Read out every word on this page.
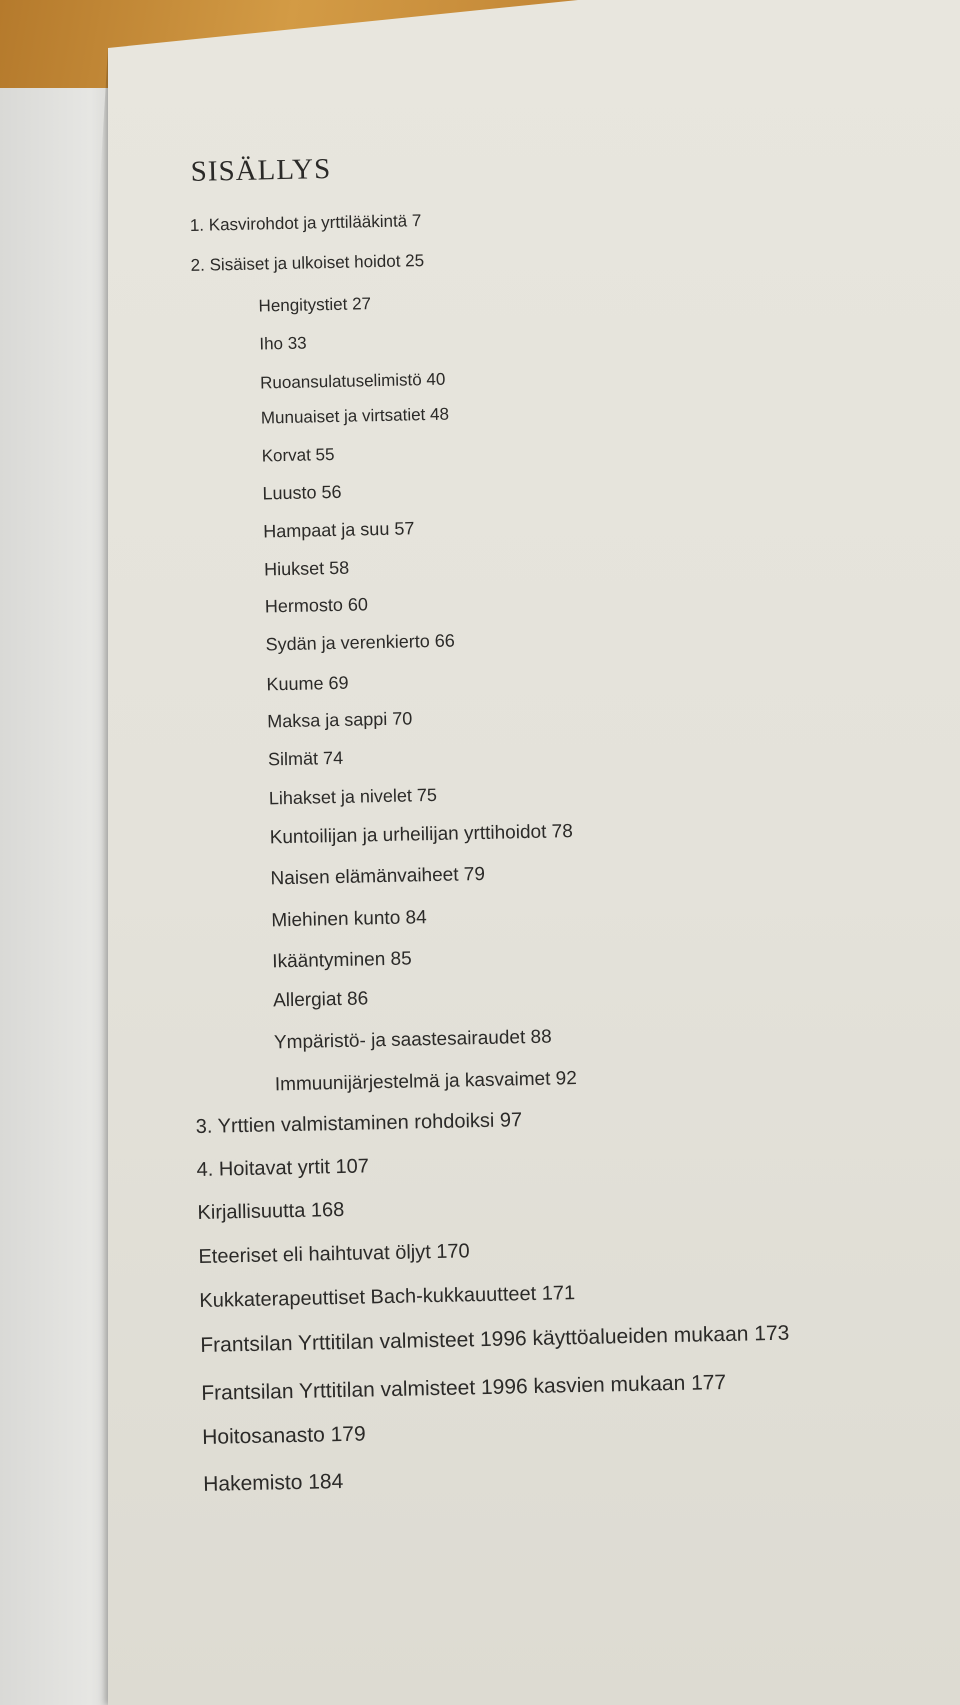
SISÄLLYS
1. Kasvirohdot ja yrttilääkintä 7
2. Sisäiset ja ulkoiset hoidot 25
Hengitystiet 27
Iho 33
Ruoansulatuselimistö 40
Munuaiset ja virtsatiet 48
Korvat 55
Luusto 56
Hampaat ja suu 57
Hiukset 58
Hermosto 60
Sydän ja verenkierto 66
Kuume 69
Maksa ja sappi 70
Silmät 74
Lihakset ja nivelet 75
Kuntoilijan ja urheilijan yrttihoidot 78
Naisen elämänvaiheet 79
Miehinen kunto 84
Ikääntyminen 85
Allergiat 86
Ympäristö- ja saastesairaudet 88
Immuunijärjestelmä ja kasvaimet 92
3. Yrttien valmistaminen rohdoiksi 97
4. Hoitavat yrtit 107
Kirjallisuutta 168
Eteeriset eli haihtuvat öljyt 170
Kukkaterapeuttiset Bach-kukkauutteet 171
Frantsilan Yrttitilan valmisteet 1996 käyttöalueiden mukaan 173
Frantsilan Yrttitilan valmisteet 1996 kasvien mukaan 177
Hoitosanasto 179
Hakemisto 184
